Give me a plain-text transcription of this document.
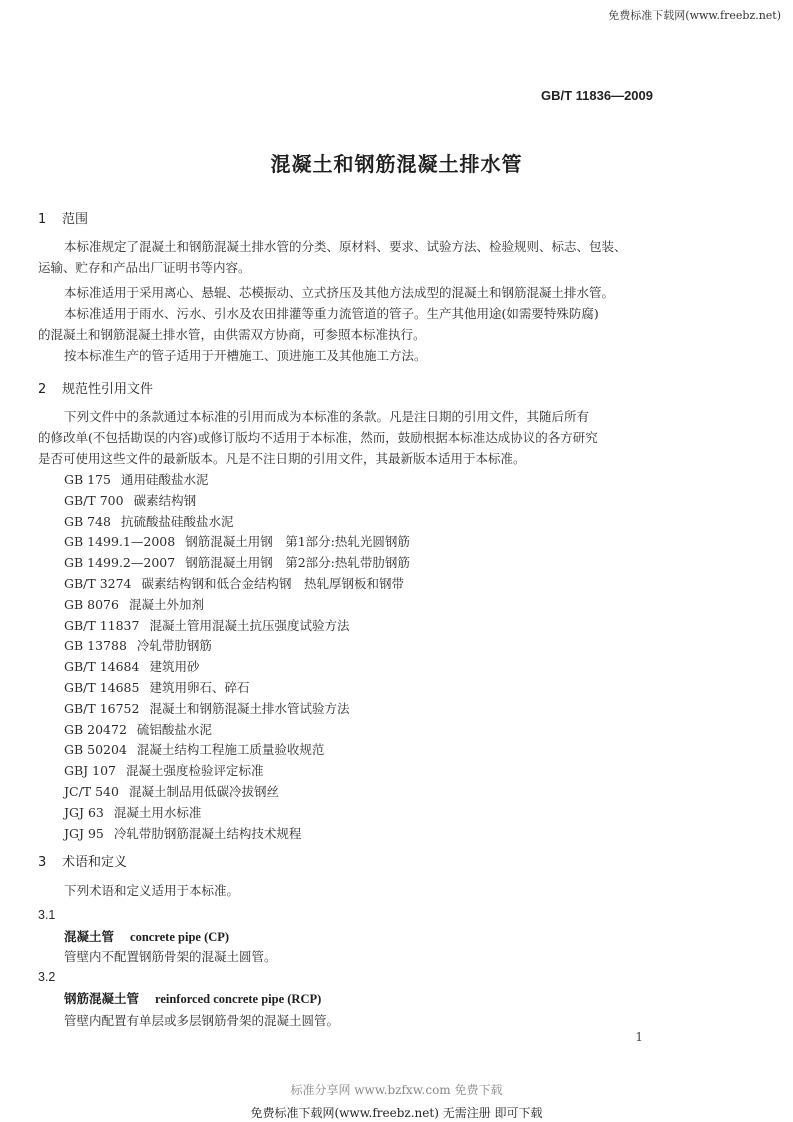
免费标准下载网(www.freebz.net)
GB/T 11836—2009
混凝土和钢筋混凝土排水管
1 范围
本标准规定了混凝土和钢筋混凝土排水管的分类、原材料、要求、试验方法、检验规则、标志、包装、
运输、贮存和产品出厂证明书等内容。
本标准适用于采用离心、悬辊、芯模振动、立式挤压及其他方法成型的混凝土和钢筋混凝土排水管。
本标准适用于雨水、污水、引水及农田排灌等重力流管道的管子。生产其他用途(如需要特殊防腐)
的混凝土和钢筋混凝土排水管，由供需双方协商，可参照本标准执行。
按本标准生产的管子适用于开槽施工、顶进施工及其他施工方法。
2 规范性引用文件
下列文件中的条款通过本标准的引用而成为本标准的条款。凡是注日期的引用文件，其随后所有
的修改单(不包括勘误的内容)或修订版均不适用于本标准，然而，鼓励根据本标准达成协议的各方研究
是否可使用这些文件的最新版本。凡是不注日期的引用文件，其最新版本适用于本标准。
GB 175 通用硅酸盐水泥
GB/T 700 碳素结构钢
GB 748 抗硫酸盐硅酸盐水泥
GB 1499.1—2008 钢筋混凝土用钢　第1部分:热轧光圆钢筋
GB 1499.2—2007 钢筋混凝土用钢　第2部分:热轧带肋钢筋
GB/T 3274 碳素结构钢和低合金结构钢　热轧厚钢板和钢带
GB 8076 混凝土外加剂
GB/T 11837 混凝土管用混凝土抗压强度试验方法
GB 13788 冷轧带肋钢筋
GB/T 14684 建筑用砂
GB/T 14685 建筑用卵石、碎石
GB/T 16752 混凝土和钢筋混凝土排水管试验方法
GB 20472 硫铝酸盐水泥
GB 50204 混凝土结构工程施工质量验收规范
GBJ 107 混凝土强度检验评定标准
JC/T 540 混凝土制品用低碳冷拔钢丝
JGJ 63 混凝土用水标准
JGJ 95 冷轧带肋钢筋混凝土结构技术规程
3 术语和定义
下列术语和定义适用于本标准。
3.1
混凝土管 concrete pipe (CP)
管壁内不配置钢筋骨架的混凝土圆管。
3.2
钢筋混凝土管 reinforced concrete pipe (RCP)
管壁内配置有单层或多层钢筋骨架的混凝土圆管。
1
标准分享网 www.bzfxw.com 免费下载
免费标准下载网(www.freebz.net) 无需注册 即可下载
